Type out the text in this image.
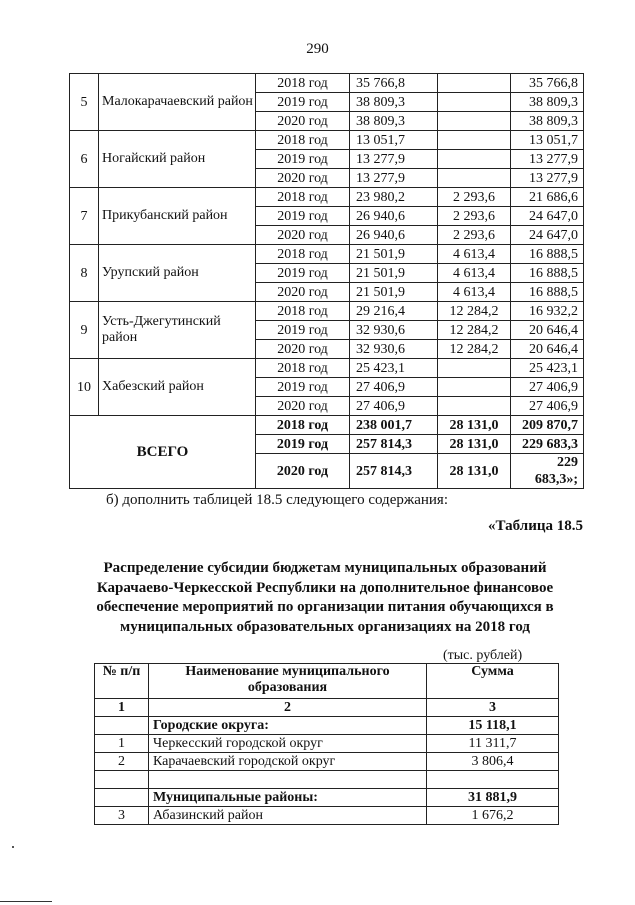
290
5	Малокарачаевский район	2018 год	35 766,8		35 766,8
		2019 год	38 809,3		38 809,3
		2020 год	38 809,3		38 809,3
6	Ногайский район	2018 год	13 051,7		13 051,7
		2019 год	13 277,9		13 277,9
		2020 год	13 277,9		13 277,9
7	Прикубанский район	2018 год	23 980,2	2 293,6	21 686,6
		2019 год	26 940,6	2 293,6	24 647,0
		2020 год	26 940,6	2 293,6	24 647,0
8	Урупский район	2018 год	21 501,9	4 613,4	16 888,5
		2019 год	21 501,9	4 613,4	16 888,5
		2020 год	21 501,9	4 613,4	16 888,5
9	Усть-Джегутинский район	2018 год	29 216,4	12 284,2	16 932,2
		2019 год	32 930,6	12 284,2	20 646,4
		2020 год	32 930,6	12 284,2	20 646,4
10	Хабезский район	2018 год	25 423,1		25 423,1
		2019 год	27 406,9		27 406,9
		2020 год	27 406,9		27 406,9
ВСЕГО		2018 год	238 001,7	28 131,0	209 870,7
		2019 год	257 814,3	28 131,0	229 683,3
		2020 год	257 814,3	28 131,0	229 683,3»;
б) дополнить таблицей 18.5 следующего содержания:
«Таблица 18.5
Распределение субсидии бюджетам муниципальных образований Карачаево-Черкесской Республики на дополнительное финансовое обеспечение мероприятий по организации питания обучающихся в муниципальных образовательных организациях на 2018 год
(тыс. рублей)
№ п/п	Наименование муниципального образования	Сумма
1	2	3
	Городские округа:	15 118,1
1	Черкесский городской округ	11 311,7
2	Карачаевский городской округ	3 806,4

	Муниципальные районы:	31 881,9
3	Абазинский район	1 676,2
